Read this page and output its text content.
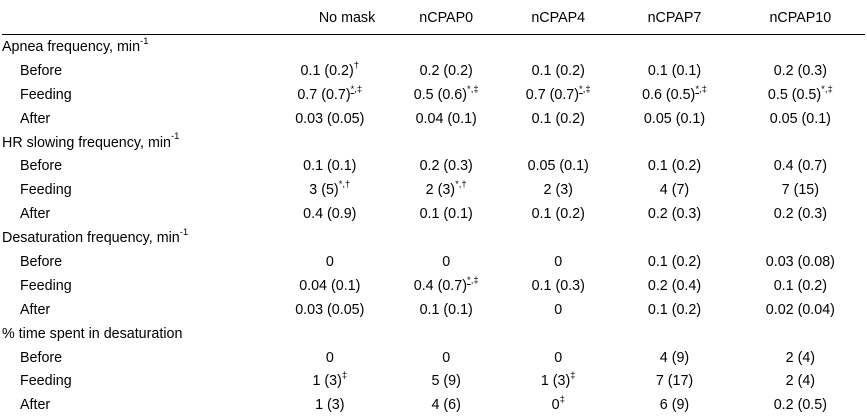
	No mask	nCPAP0	nCPAP4	nCPAP7	nCPAP10
Apnea frequency, $\min^{-1}$					
Before	0.1 (0.2)†	0.2 (0.2)	0.1 (0.2)	0.1 (0.1)	0.2 (0.3)
Feeding	0.7 (0.7)*,‡	0.5 (0.6)*,‡	0.7 (0.7)*,‡	0.6 (0.5)*,‡	0.5 (0.5)*,‡
After	0.03 (0.05)	0.04 (0.1)	0.1 (0.2)	0.05 (0.1)	0.05 (0.1)
HR slowing frequency, $\min^{-1}$					
Before	0.1 (0.1)	0.2 (0.3)	0.05 (0.1)	0.1 (0.2)	0.4 (0.7)
Feeding	3 (5)*,†	2 (3)*,†	2 (3)	4 (7)	7 (15)
After	0.4 (0.9)	0.1 (0.1)	0.1 (0.2)	0.2 (0.3)	0.2 (0.3)
Desaturation frequency, $\min^{-1}$					
Before	0	0	0	0.1 (0.2)	0.03 (0.08)
Feeding	0.04 (0.1)	0.4 (0.7)*,‡	0.1 (0.3)	0.2 (0.4)	0.1 (0.2)
After	0.03 (0.05)	0.1 (0.1)	0	0.1 (0.2)	0.02 (0.04)
% time spent in desaturation					
Before	0	0	0	4 (9)	2 (4)
Feeding	1 (3)‡	5 (9)	1 (3)‡	7 (17)	2 (4)
After	1 (3)	4 (6)	0‡	6 (9)	0.2 (0.5)
